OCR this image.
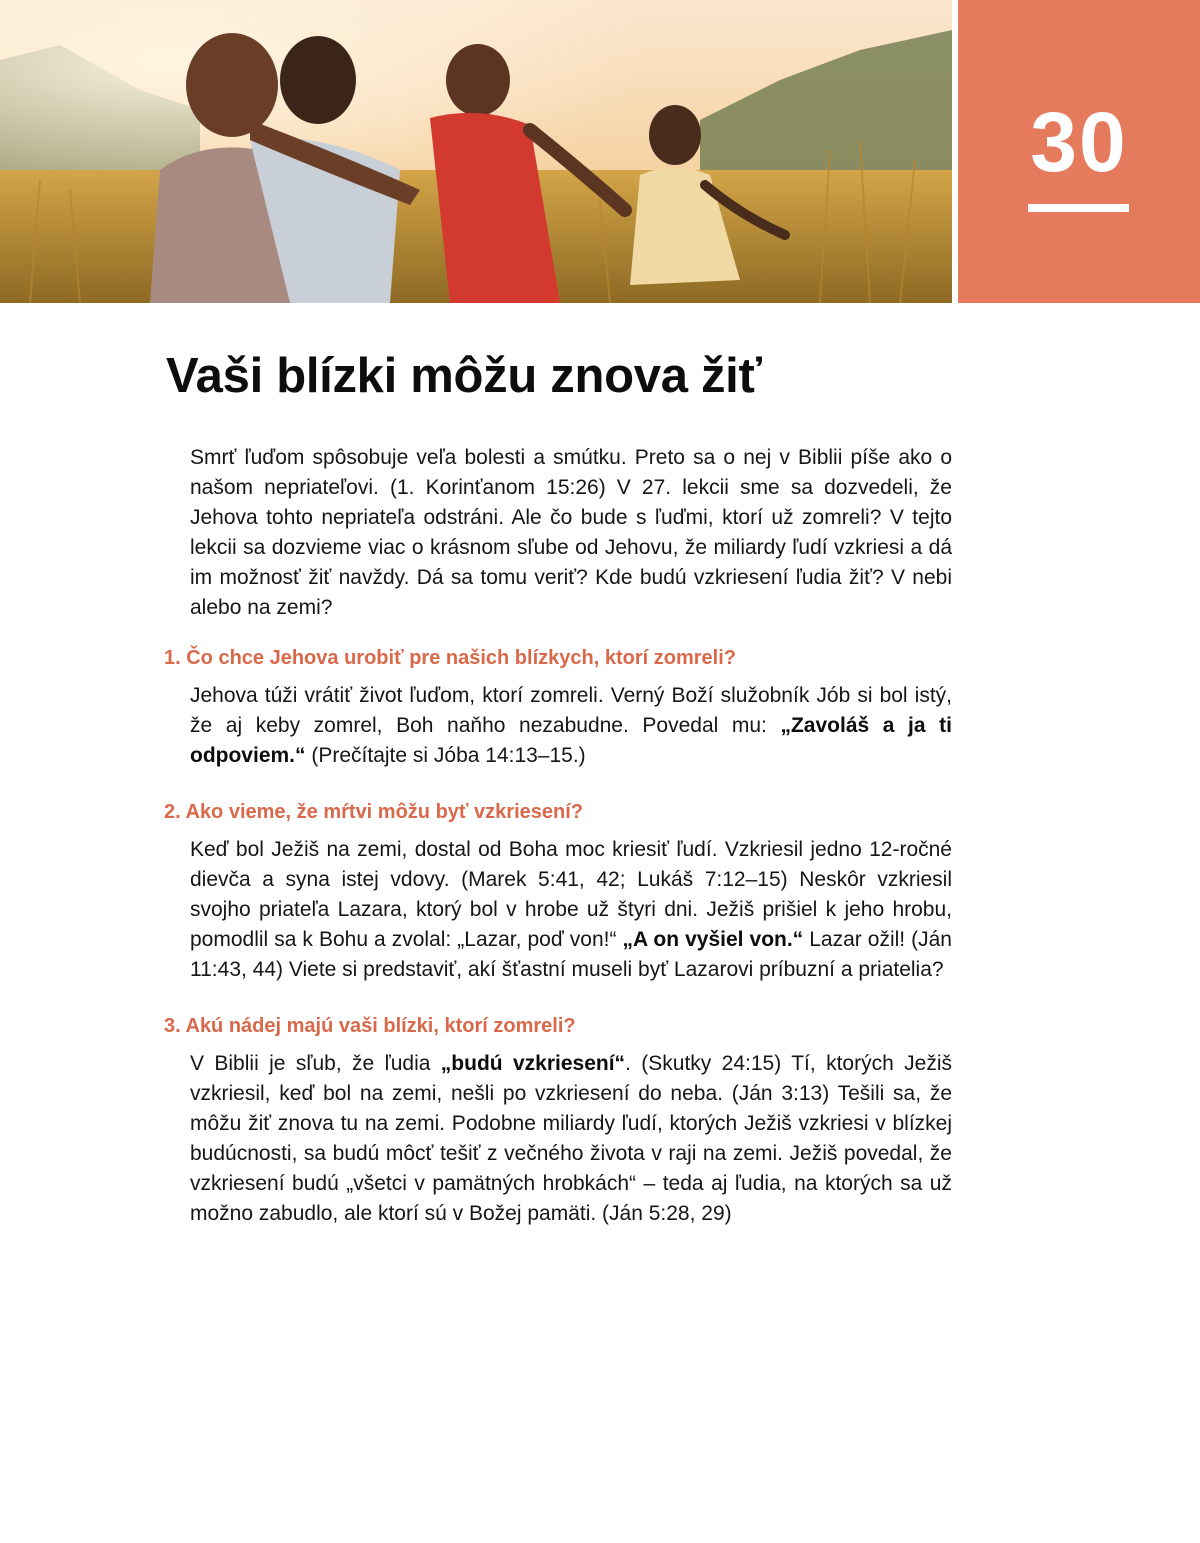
30
Vaši blízki môžu znova žiť

Smrť ľuďom spôsobuje veľa bolesti a smútku. Preto sa o nej v Biblii píše ako o našom nepriateľovi. (1. Korinťanom 15:26) V 27. lekcii sme sa dozvedeli, že Jehova tohto nepriateľa odstráni. Ale čo bude s ľuďmi, ktorí už zomreli? V tejto lekcii sa dozvieme viac o krásnom sľube od Jehovu, že miliardy ľudí vzkriesi a dá im možnosť žiť navždy. Dá sa tomu veriť? Kde budú vzkriesení ľudia žiť? V nebi alebo na zemi?

1. Čo chce Jehova urobiť pre našich blízkych, ktorí zomreli?

Jehova túži vrátiť život ľuďom, ktorí zomreli. Verný Boží služobník Jób si bol istý, že aj keby zomrel, Boh naňho nezabudne. Povedal mu: „Zavoláš a ja ti odpoviem.“ (Prečítajte si Jóba 14:13–15.)

2. Ako vieme, že mŕtvi môžu byť vzkriesení?

Keď bol Ježiš na zemi, dostal od Boha moc kriesiť ľudí. Vzkriesil jedno 12-ročné dievča a syna istej vdovy. (Marek 5:41, 42; Lukáš 7:12–15) Neskôr vzkriesil svojho priateľa Lazara, ktorý bol v hrobe už štyri dni. Ježiš prišiel k jeho hrobu, pomodlil sa k Bohu a zvolal: „Lazar, poď von!“ „A on vyšiel von.“ Lazar ožil! (Ján 11:43, 44) Viete si predstaviť, akí šťastní museli byť Lazarovi príbuzní a priatelia?

3. Akú nádej majú vaši blízki, ktorí zomreli?

V Biblii je sľub, že ľudia „budú vzkriesení“. (Skutky 24:15) Tí, ktorých Ježiš vzkriesil, keď bol na zemi, nešli po vzkriesení do neba. (Ján 3:13) Tešili sa, že môžu žiť znova tu na zemi. Podobne miliardy ľudí, ktorých Ježiš vzkriesi v blízkej budúcnosti, sa budú môcť tešiť z večného života v raji na zemi. Ježiš povedal, že vzkriesení budú „všetci v pamätných hrobkách“ – teda aj ľudia, na ktorých sa už možno zabudlo, ale ktorí sú v Božej pamäti. (Ján 5:28, 29)
